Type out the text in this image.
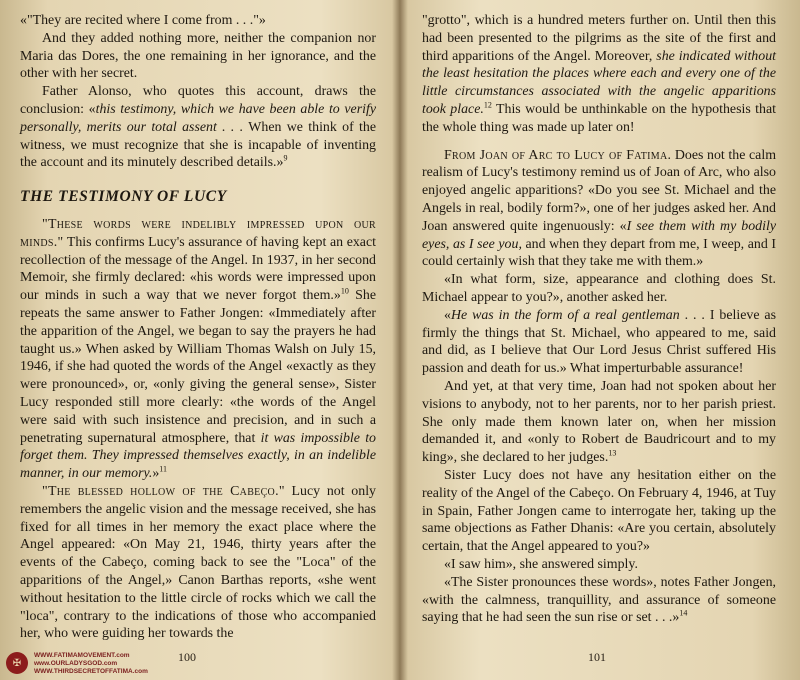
«"They are recited where I come from . . ."»

And they added nothing more, neither the companion nor Maria das Dores, the one remaining in her ignorance, and the other with her secret.

Father Alonso, who quotes this account, draws the conclusion: «this testimony, which we have been able to verify personally, merits our total assent . . . When we think of the witness, we must recognize that she is incapable of inventing the account and its minutely described details.»$^9$

THE TESTIMONY OF LUCY

"These words were indelibly impressed upon our minds." This confirms Lucy's assurance of having kept an exact recollection of the message of the Angel. In 1937, in her second Memoir, she firmly declared: «his words were impressed upon our minds in such a way that we never forgot them.»$^{10}$ She repeats the same answer to Father Jongen: «Immediately after the apparition of the Angel, we began to say the prayers he had taught us.» When asked by William Thomas Walsh on July 15, 1946, if she had quoted the words of the Angel «exactly as they were pronounced», or, «only giving the general sense», Sister Lucy responded still more clearly: «the words of the Angel were said with such insistence and precision, and in such a penetrating supernatural atmosphere, that it was impossible to forget them. They impressed themselves exactly, in an indelible manner, in our memory.»$^{11}$

"The blessed hollow of the Cabeço." Lucy not only remembers the angelic vision and the message received, she has fixed for all times in her memory the exact place where the Angel appeared: «On May 21, 1946, thirty years after the events of the Cabeço, coming back to see the "Loca" of the apparitions of the Angel,» Canon Barthas reports, «she went without hesitation to the little circle of rocks which we call the "loca", contrary to the indications of those who accompanied her, who were guiding her towards the

"grotto", which is a hundred meters further on. Until then this had been presented to the pilgrims as the site of the first and third apparitions of the Angel. Moreover, she indicated without the least hesitation the places where each and every one of the little circumstances associated with the angelic apparitions took place.$^{12}$ This would be unthinkable on the hypothesis that the whole thing was made up later on!

From Joan of Arc to Lucy of Fatima. Does not the calm realism of Lucy's testimony remind us of Joan of Arc, who also enjoyed angelic apparitions? «Do you see St. Michael and the Angels in real, bodily form?», one of her judges asked her. And Joan answered quite ingenuously: «I see them with my bodily eyes, as I see you, and when they depart from me, I weep, and I could certainly wish that they take me with them.»

«In what form, size, appearance and clothing does St. Michael appear to you?», another asked her.

«He was in the form of a real gentleman . . . I believe as firmly the things that St. Michael, who appeared to me, said and did, as I believe that Our Lord Jesus Christ suffered His passion and death for us.» What imperturbable assurance!

And yet, at that very time, Joan had not spoken about her visions to anybody, not to her parents, nor to her parish priest. She only made them known later on, when her mission demanded it, and «only to Robert de Baudricourt and to my king», she declared to her judges.$^{13}$

Sister Lucy does not have any hesitation either on the reality of the Angel of the Cabeço. On February 4, 1946, at Tuy in Spain, Father Jongen came to interrogate her, taking up the same objections as Father Dhanis: «Are you certain, absolutely certain, that the Angel appeared to you?»

«I saw him», she answered simply.

«The Sister pronounces these words», notes Father Jongen, «with the calmness, tranquillity, and assurance of someone saying that he had seen the sun rise or set . . .»$^{14}$

100	101
✠
WWW.FATIMAMOVEMENT.com
www.OURLADYSGOD.com
WWW.THIRDSECRETOFFATIMA.com
